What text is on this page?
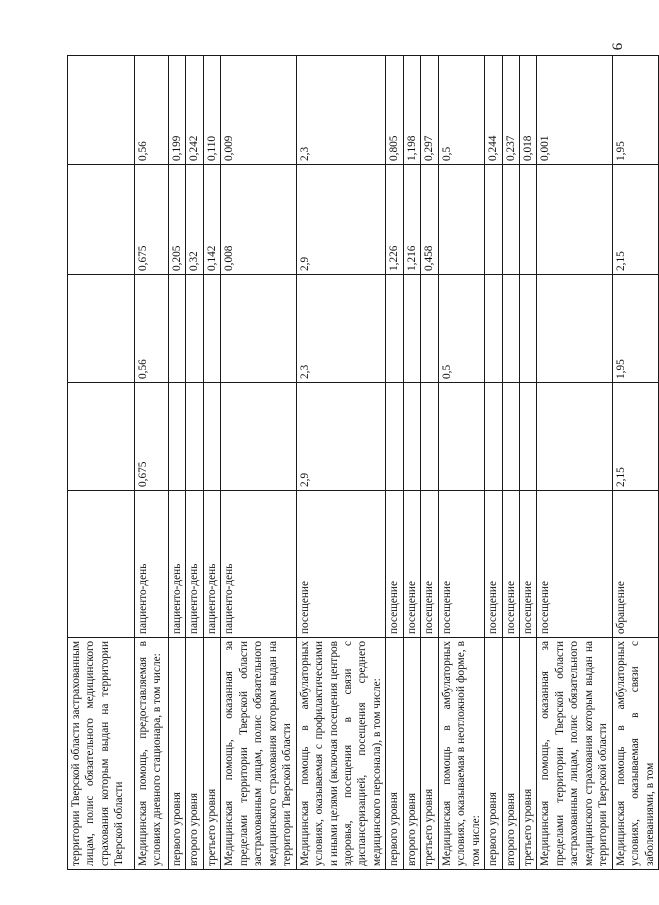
9
территории Тверской области застрахованным лицам, полис обязательного медицинского страхования которым выдан на территории Тверской области					
Медицинская помощь, предоставляемая в условиях дневного стационара, в том числе:	пациенто-день	0,675	0,56	0,675	0,56
первого уровня	пациенто-день			0,205	0,199
второго уровня	пациенто-день			0,32	0,242
третьего уровня	пациенто-день			0,142	0,110
Медицинская помощь, оказанная за пределами территории Тверской области застрахованным лицам, полис обязательного медицинского страхования которым выдан на территории Тверской области	пациенто-день			0,008	0,009
Медицинская помощь в амбулаторных условиях, оказываемая с профилактическими и иными целями (включая посещения центров здоровья, посещения в связи с диспансеризацией, посещения среднего медицинского персонала), в том числе:	посещение	2,9	2,3	2,9	2,3
первого уровня	посещение			1,226	0,805
второго уровня	посещение			1,216	1,198
третьего уровня	посещение			0,458	0,297
Медицинская помощь в амбулаторных условиях, оказываемая в неотложной форме, в том числе:	посещение		0,5		0,5
первого уровня	посещение				0,244
второго уровня	посещение				0,237
третьего уровня	посещение				0,018
Медицинская помощь, оказанная за пределами территории Тверской области застрахованным лицам, полис обязательного медицинского страхования которым выдан на территории Тверской области	посещение				0,001
Медицинская помощь в амбулаторных условиях, оказываемая в связи с заболеваниями, в том	обращение	2,15	1,95	2,15	1,95
